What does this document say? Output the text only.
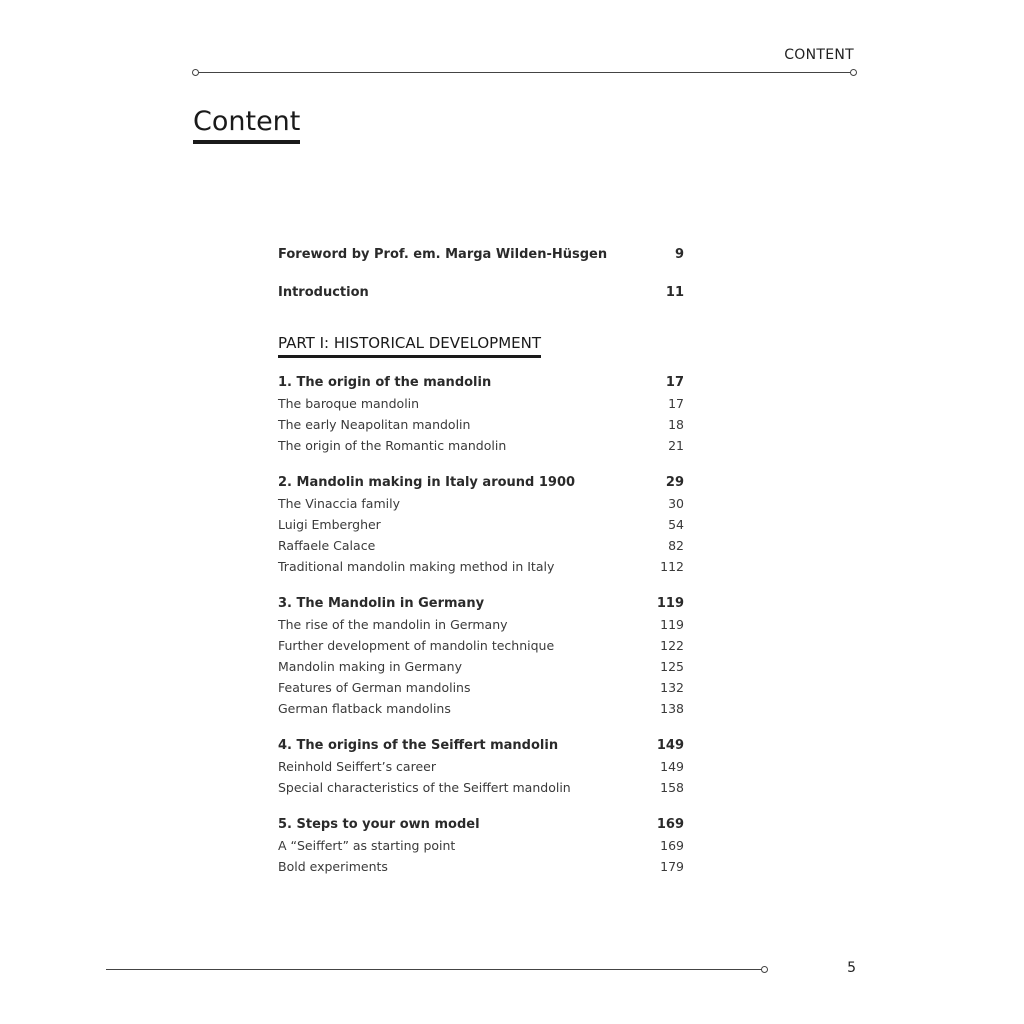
CONTENT
Content
Foreword by Prof. em. Marga Wilden-Hüsgen	9
Introduction	11
PART I: HISTORICAL DEVELOPMENT
1. The origin of the mandolin	17
The baroque mandolin	17
The early Neapolitan mandolin	18
The origin of the Romantic mandolin	21
2. Mandolin making in Italy around 1900	29
The Vinaccia family	30
Luigi Embergher	54
Raffaele Calace	82
Traditional mandolin making method in Italy	112
3. The Mandolin in Germany	119
The rise of the mandolin in Germany	119
Further development of mandolin technique	122
Mandolin making in Germany	125
Features of German mandolins	132
German flatback mandolins	138
4. The origins of the Seiffert mandolin	149
Reinhold Seiffert’s career	149
Special characteristics of the Seiffert mandolin	158
5. Steps to your own model	169
A “Seiffert” as starting point	169
Bold experiments	179
5
